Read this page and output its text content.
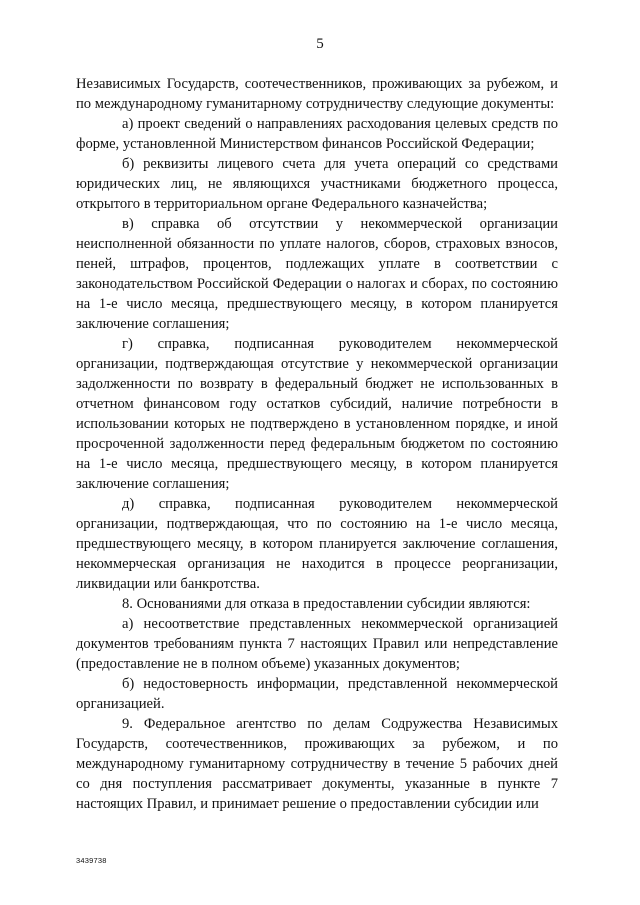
5

Независимых Государств, соотечественников, проживающих за рубежом, и по международному гуманитарному сотрудничеству следующие документы:

а) проект сведений о направлениях расходования целевых средств по форме, установленной Министерством финансов Российской Федерации;

б) реквизиты лицевого счета для учета операций со средствами юридических лиц, не являющихся участниками бюджетного процесса, открытого в территориальном органе Федерального казначейства;

в) справка об отсутствии у некоммерческой организации неисполненной обязанности по уплате налогов, сборов, страховых взносов, пеней, штрафов, процентов, подлежащих уплате в соответствии с законодательством Российской Федерации о налогах и сборах, по состоянию на 1-е число месяца, предшествующего месяцу, в котором планируется заключение соглашения;

г) справка, подписанная руководителем некоммерческой организации, подтверждающая отсутствие у некоммерческой организации задолженности по возврату в федеральный бюджет не использованных в отчетном финансовом году остатков субсидий, наличие потребности в использовании которых не подтверждено в установленном порядке, и иной просроченной задолженности перед федеральным бюджетом по состоянию на 1-е число месяца, предшествующего месяцу, в котором планируется заключение соглашения;

д) справка, подписанная руководителем некоммерческой организации, подтверждающая, что по состоянию на 1-е число месяца, предшествующего месяцу, в котором планируется заключение соглашения, некоммерческая организация не находится в процессе реорганизации, ликвидации или банкротства.

8. Основаниями для отказа в предоставлении субсидии являются:

а) несоответствие представленных некоммерческой организацией документов требованиям пункта 7 настоящих Правил или непредставление (предоставление не в полном объеме) указанных документов;

б) недостоверность информации, представленной некоммерческой организацией.

9. Федеральное агентство по делам Содружества Независимых Государств, соотечественников, проживающих за рубежом, и по международному гуманитарному сотрудничеству в течение 5 рабочих дней со дня поступления рассматривает документы, указанные в пункте 7 настоящих Правил, и принимает решение о предоставлении субсидии или

3439738
